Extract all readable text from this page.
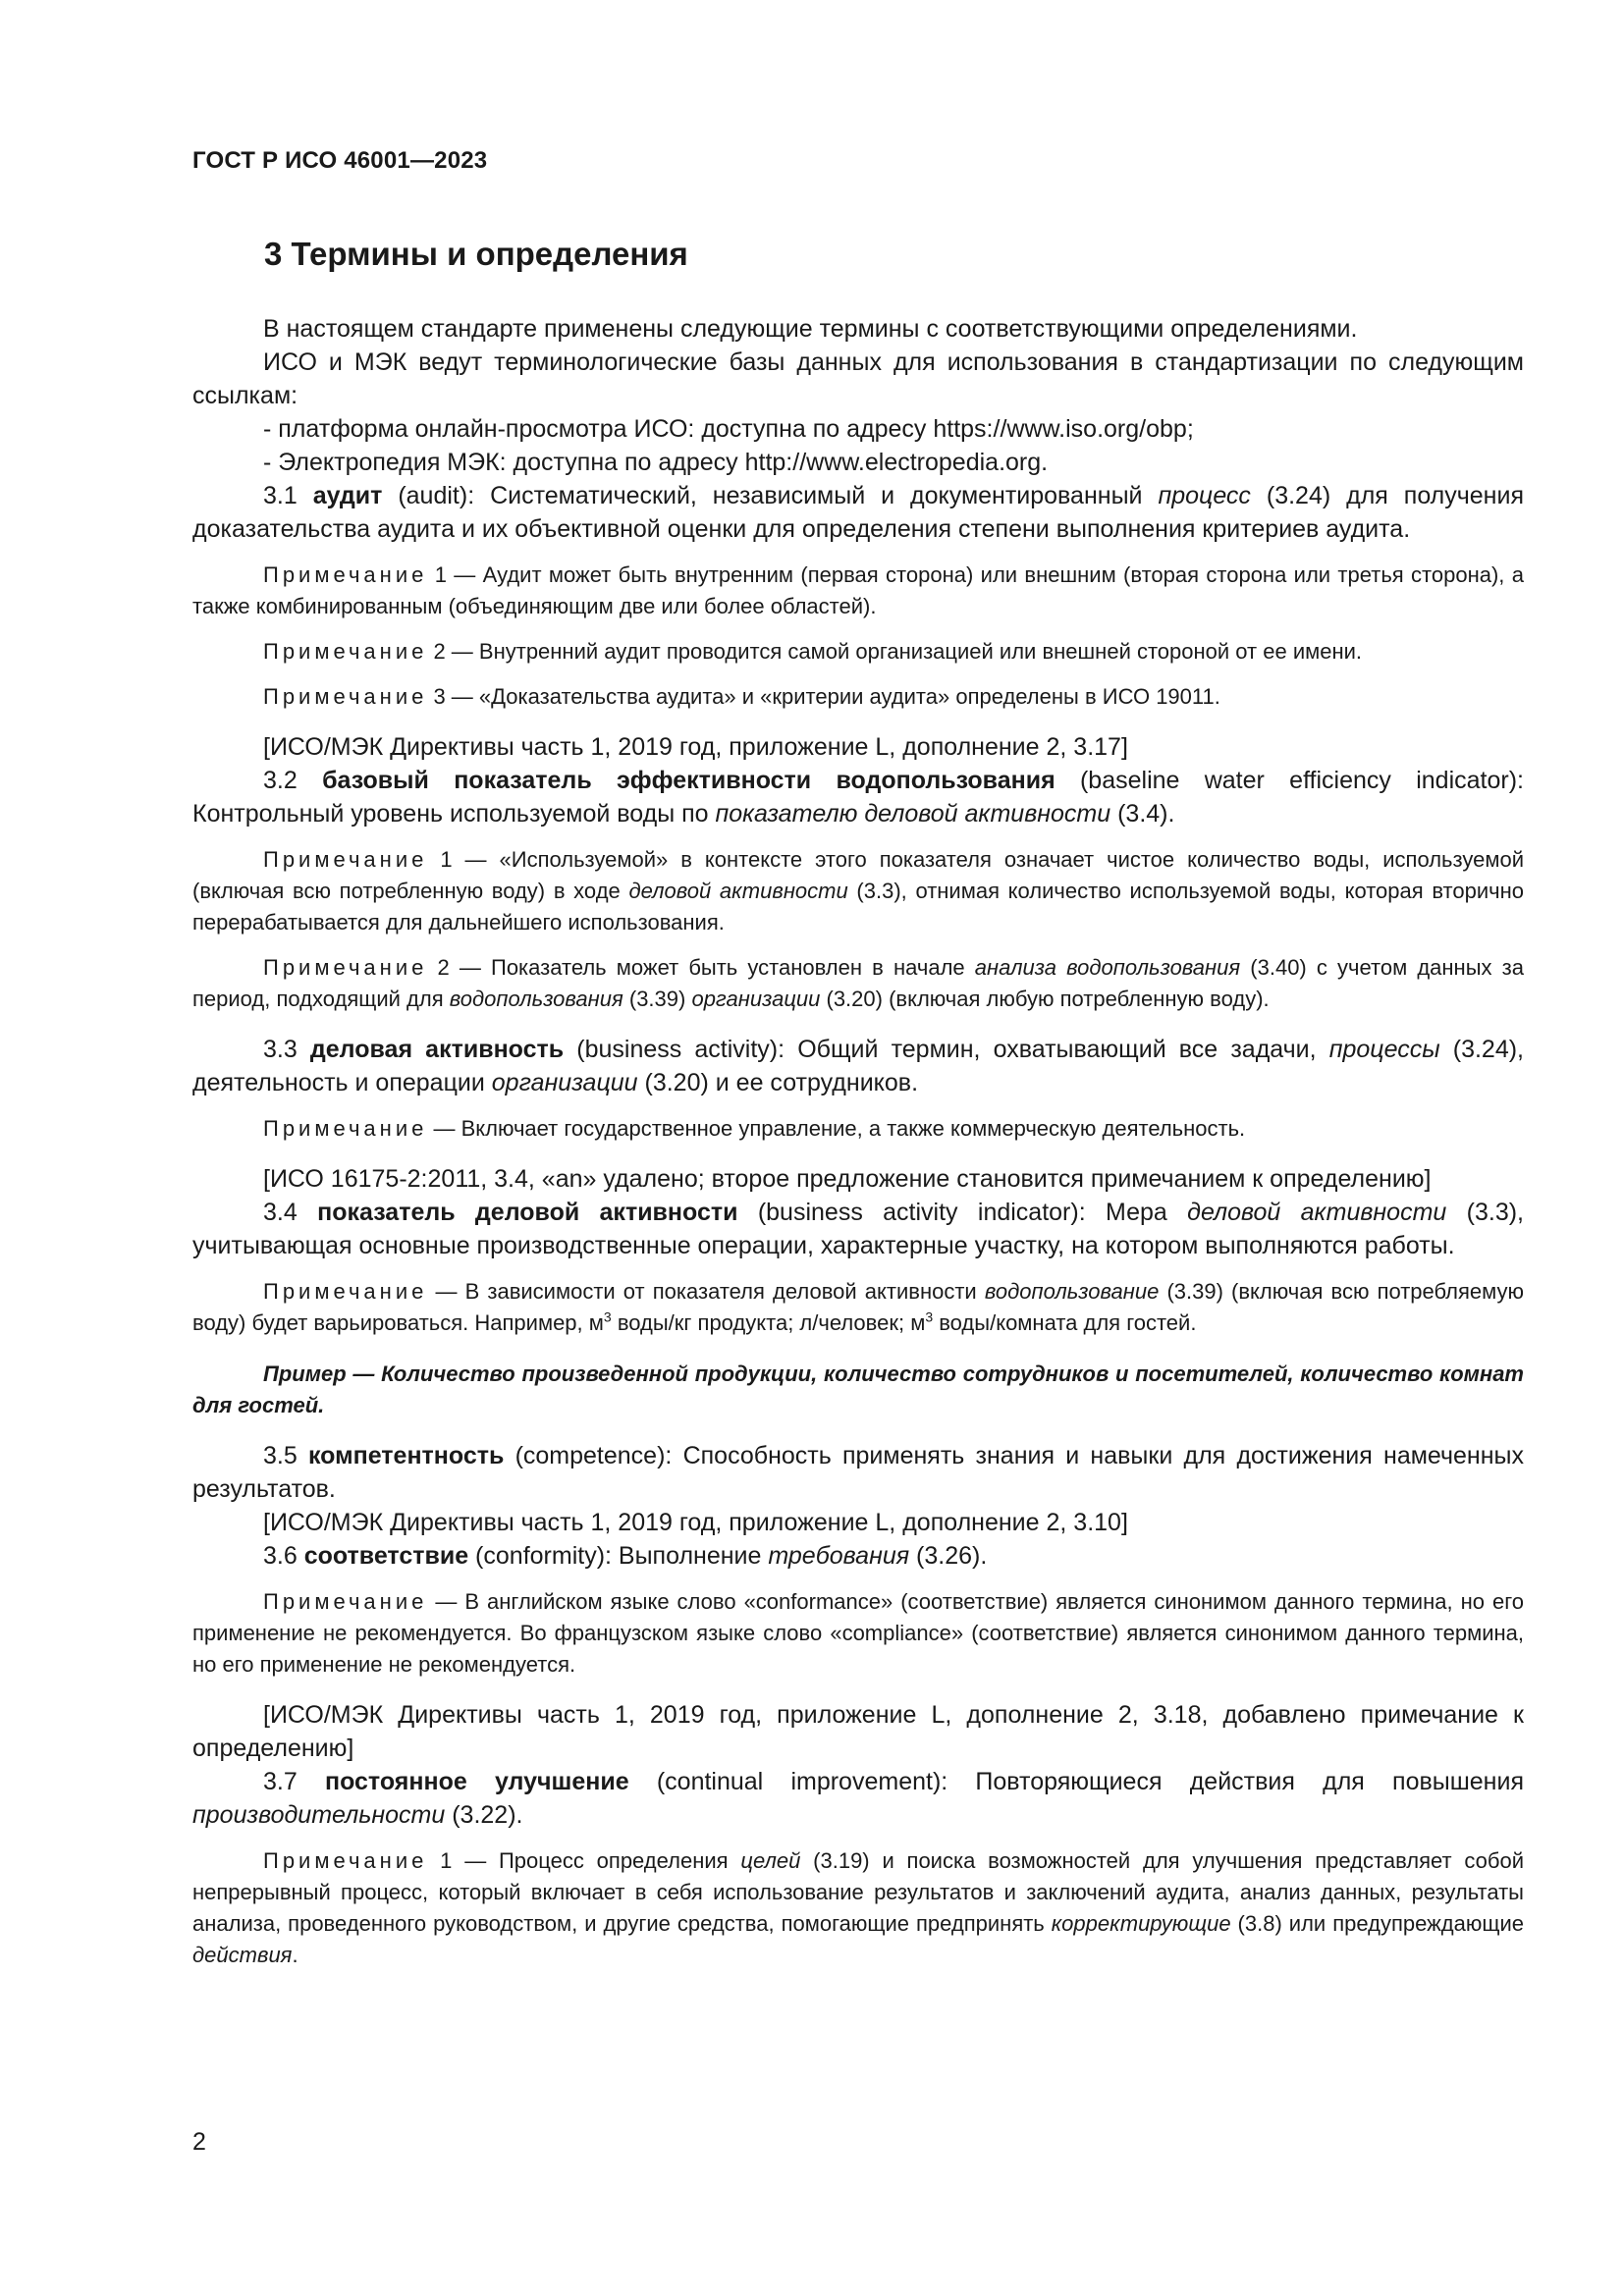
ГОСТ Р ИСО 46001—2023
3 Термины и определения

В настоящем стандарте применены следующие термины с соответствующими определениями.

ИСО и МЭК ведут терминологические базы данных для использования в стандартизации по следующим ссылкам:

- платформа онлайн-просмотра ИСО: доступна по адресу https://www.iso.org/obp;

- Электропедия МЭК: доступна по адресу http://www.electropedia.org.

3.1 аудит (audit): Систематический, независимый и документированный процесс (3.24) для получения доказательства аудита и их объективной оценки для определения степени выполнения критериев аудита.

Примечание 1 — Аудит может быть внутренним (первая сторона) или внешним (вторая сторона или третья сторона), а также комбинированным (объединяющим две или более областей).

Примечание 2 — Внутренний аудит проводится самой организацией или внешней стороной от ее имени.

Примечание 3 — «Доказательства аудита» и «критерии аудита» определены в ИСО 19011.

[ИСО/МЭК Директивы часть 1, 2019 год, приложение L, дополнение 2, 3.17]

3.2 базовый показатель эффективности водопользования (baseline water efficiency indicator): Контрольный уровень используемой воды по показателю деловой активности (3.4).

Примечание 1 — «Используемой» в контексте этого показателя означает чистое количество воды, используемой (включая всю потребленную воду) в ходе деловой активности (3.3), отнимая количество используемой воды, которая вторично перерабатывается для дальнейшего использования.

Примечание 2 — Показатель может быть установлен в начале анализа водопользования (3.40) с учетом данных за период, подходящий для водопользования (3.39) организации (3.20) (включая любую потребленную воду).

3.3 деловая активность (business activity): Общий термин, охватывающий все задачи, процессы (3.24), деятельность и операции организации (3.20) и ее сотрудников.

Примечание — Включает государственное управление, а также коммерческую деятельность.

[ИСО 16175-2:2011, 3.4, «an» удалено; второе предложение становится примечанием к определению]

3.4 показатель деловой активности (business activity indicator): Мера деловой активности (3.3), учитывающая основные производственные операции, характерные участку, на котором выполняются работы.

Примечание — В зависимости от показателя деловой активности водопользование (3.39) (включая всю потребляемую воду) будет варьироваться. Например, $м^3$ воды/кг продукта; л/человек; $м^3$ воды/комната для гостей.

Пример — Количество произведенной продукции, количество сотрудников и посетителей, количество комнат для гостей.

3.5 компетентность (competence): Способность применять знания и навыки для достижения намеченных результатов.

[ИСО/МЭК Директивы часть 1, 2019 год, приложение L, дополнение 2, 3.10]

3.6 соответствие (conformity): Выполнение требования (3.26).

Примечание — В английском языке слово «conformance» (соответствие) является синонимом данного термина, но его применение не рекомендуется. Во французском языке слово «compliance» (соответствие) является синонимом данного термина, но его применение не рекомендуется.

[ИСО/МЭК Директивы часть 1, 2019 год, приложение L, дополнение 2, 3.18, добавлено примечание к определению]

3.7 постоянное улучшение (continual improvement): Повторяющиеся действия для повышения производительности (3.22).

Примечание 1 — Процесс определения целей (3.19) и поиска возможностей для улучшения представляет собой непрерывный процесс, который включает в себя использование результатов и заключений аудита, анализ данных, результаты анализа, проведенного руководством, и другие средства, помогающие предпринять корректирующие (3.8) или предупреждающие действия.

2
